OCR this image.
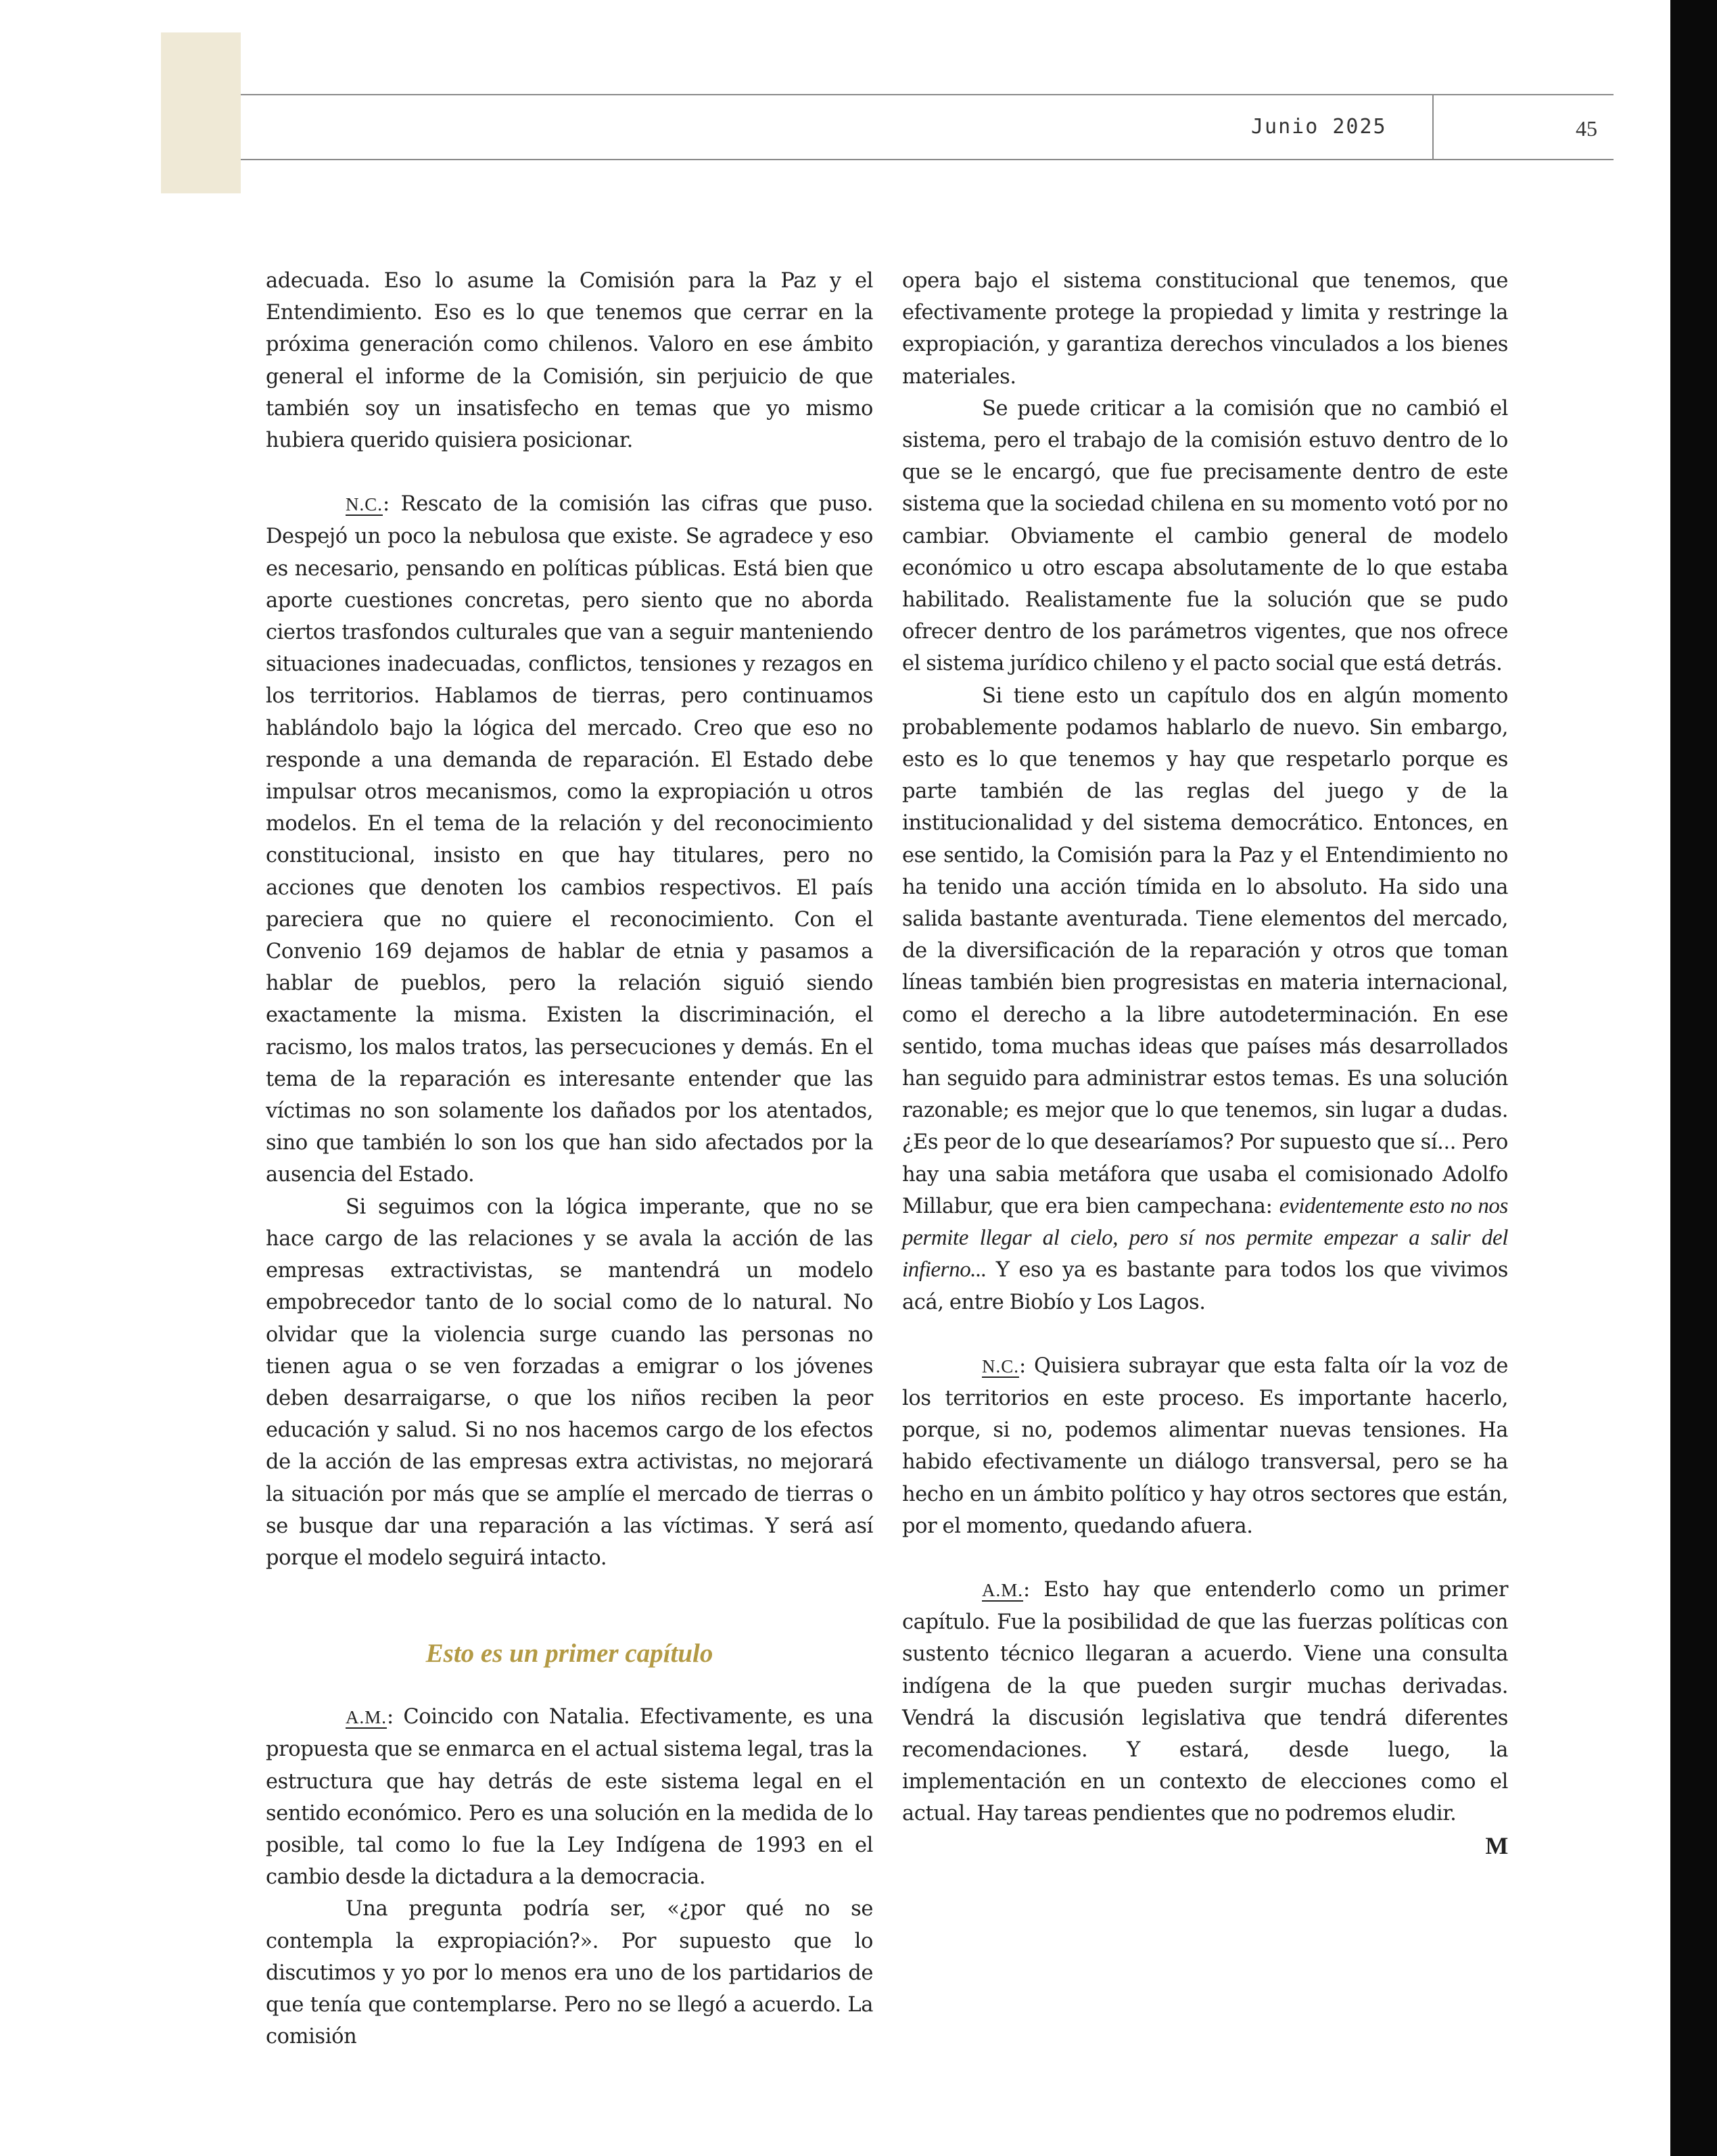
Junio 2025	45

adecuada. Eso lo asume la Comisión para la Paz y el Entendimiento. Eso es lo que tenemos que cerrar en la próxima generación como chilenos. Valoro en ese ámbito general el informe de la Comisión, sin perjuicio de que también soy un insatisfecho en temas que yo mismo hubiera querido quisiera posicionar.

N.C.: Rescato de la comisión las cifras que puso. Despejó un poco la nebulosa que existe. Se agradece y eso es necesario, pensando en políticas públicas. Está bien que aporte cuestiones concretas, pero siento que no aborda ciertos trasfondos culturales que van a seguir manteniendo situaciones inadecuadas, conflictos, tensiones y rezagos en los territorios. Hablamos de tierras, pero continuamos hablándolo bajo la lógica del mercado. Creo que eso no responde a una demanda de reparación. El Estado debe impulsar otros mecanismos, como la expropiación u otros modelos. En el tema de la relación y del reconocimiento constitucional, insisto en que hay titulares, pero no acciones que denoten los cambios respectivos. El país pareciera que no quiere el reconocimiento. Con el Convenio 169 dejamos de hablar de etnia y pasamos a hablar de pueblos, pero la relación siguió siendo exactamente la misma. Existen la discriminación, el racismo, los malos tratos, las persecuciones y demás. En el tema de la reparación es interesante entender que las víctimas no son solamente los dañados por los atentados, sino que también lo son los que han sido afectados por la ausencia del Estado.

Si seguimos con la lógica imperante, que no se hace cargo de las relaciones y se avala la acción de las empresas extractivistas, se mantendrá un modelo empobrecedor tanto de lo social como de lo natural. No olvidar que la violencia surge cuando las personas no tienen agua o se ven forzadas a emigrar o los jóvenes deben desarraigarse, o que los niños reciben la peor educación y salud. Si no nos hacemos cargo de los efectos de la acción de las empresas extra activistas, no mejorará la situación por más que se amplíe el mercado de tierras o se busque dar una reparación a las víctimas. Y será así porque el modelo seguirá intacto.

Esto es un primer capítulo

A.M.: Coincido con Natalia. Efectivamente, es una propuesta que se enmarca en el actual sistema legal, tras la estructura que hay detrás de este sistema legal en el sentido económico. Pero es una solución en la medida de lo posible, tal como lo fue la Ley Indígena de 1993 en el cambio desde la dictadura a la democracia.

Una pregunta podría ser, «¿por qué no se contempla la expropiación?». Por supuesto que lo discutimos y yo por lo menos era uno de los partidarios de que tenía que contemplarse. Pero no se llegó a acuerdo. La comisión

opera bajo el sistema constitucional que tenemos, que efectivamente protege la propiedad y limita y restringe la expropiación, y garantiza derechos vinculados a los bienes materiales.

Se puede criticar a la comisión que no cambió el sistema, pero el trabajo de la comisión estuvo dentro de lo que se le encargó, que fue precisamente dentro de este sistema que la sociedad chilena en su momento votó por no cambiar. Obviamente el cambio general de modelo económico u otro escapa absolutamente de lo que estaba habilitado. Realistamente fue la solución que se pudo ofrecer dentro de los parámetros vigentes, que nos ofrece el sistema jurídico chileno y el pacto social que está detrás.

Si tiene esto un capítulo dos en algún momento probablemente podamos hablarlo de nuevo. Sin embargo, esto es lo que tenemos y hay que respetarlo porque es parte también de las reglas del juego y de la institucionalidad y del sistema democrático. Entonces, en ese sentido, la Comisión para la Paz y el Entendimiento no ha tenido una acción tímida en lo absoluto. Ha sido una salida bastante aventurada. Tiene elementos del mercado, de la diversificación de la reparación y otros que toman líneas también bien progresistas en materia internacional, como el derecho a la libre autodeterminación. En ese sentido, toma muchas ideas que países más desarrollados han seguido para administrar estos temas. Es una solución razonable; es mejor que lo que tenemos, sin lugar a dudas. ¿Es peor de lo que desearíamos? Por supuesto que sí... Pero hay una sabia metáfora que usaba el comisionado Adolfo Millabur, que era bien campechana: evidentemente esto no nos permite llegar al cielo, pero sí nos permite empezar a salir del infierno... Y eso ya es bastante para todos los que vivimos acá, entre Biobío y Los Lagos.

N.C.: Quisiera subrayar que esta falta oír la voz de los territorios en este proceso. Es importante hacerlo, porque, si no, podemos alimentar nuevas tensiones. Ha habido efectivamente un diálogo transversal, pero se ha hecho en un ámbito político y hay otros sectores que están, por el momento, quedando afuera.

A.M.: Esto hay que entenderlo como un primer capítulo. Fue la posibilidad de que las fuerzas políticas con sustento técnico llegaran a acuerdo. Viene una consulta indígena de la que pueden surgir muchas derivadas. Vendrá la discusión legislativa que tendrá diferentes recomendaciones. Y estará, desde luego, la implementación en un contexto de elecciones como el actual. Hay tareas pendientes que no podremos eludir.
M
